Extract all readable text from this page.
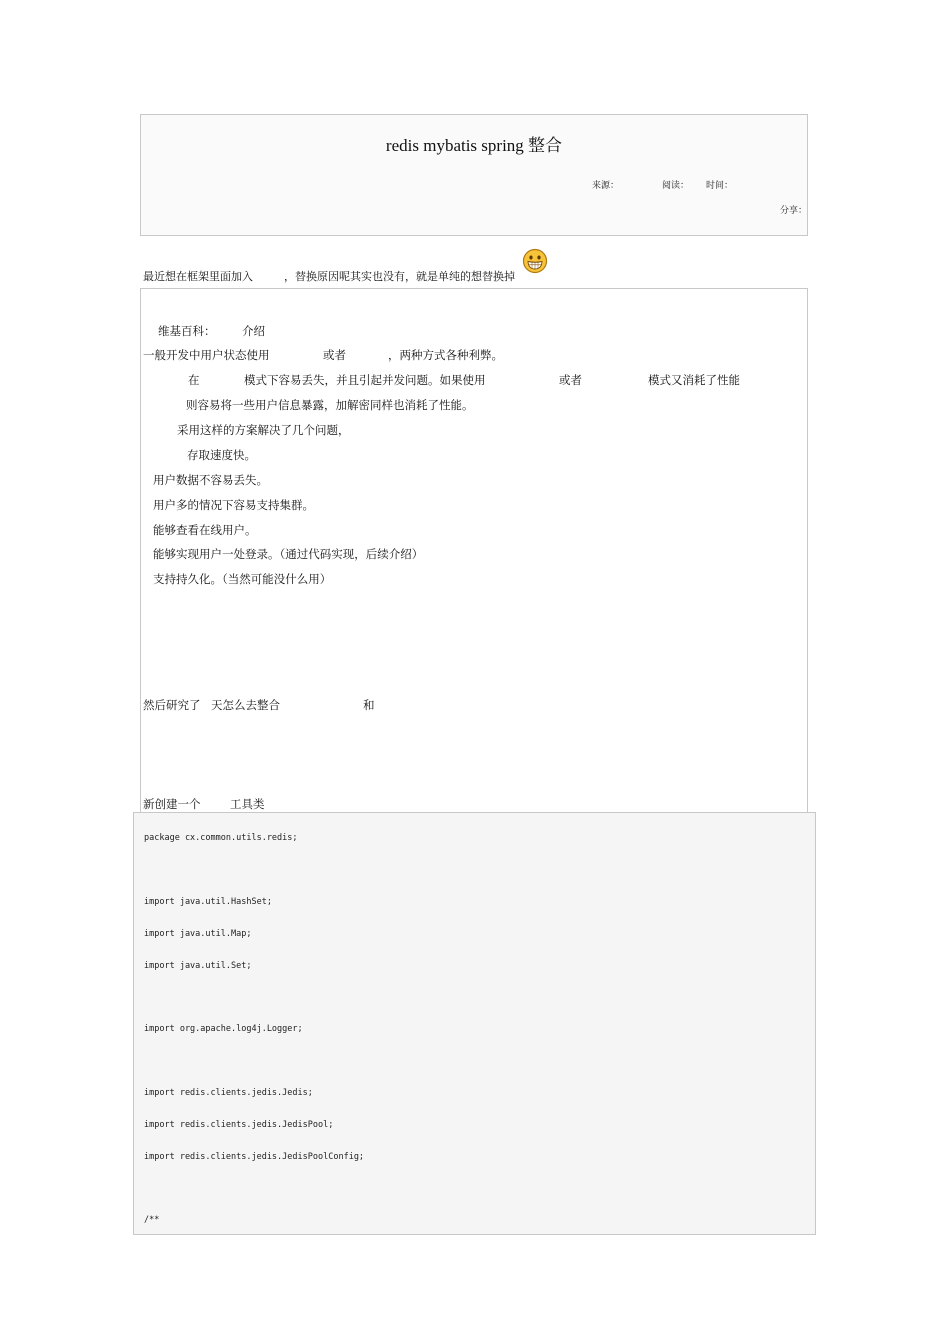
redis mybatis spring 整合
来源：	阅读： 时间：
分享：
最近想在框架里面加入	，替换原因呢其实也没有，就是单纯的想替换掉
维基百科： 介绍
一般开发中用户状态使用	或者	，两种方式各种利弊。
在	模式下容易丢失，并且引起并发问题。如果使用	或者	模式又消耗了性能
则容易将一些用户信息暴露，加解密同样也消耗了性能。
采用这样的方案解决了几个问题，
存取速度快。
用户数据不容易丢失。
用户多的情况下容易支持集群。
能够查看在线用户。
能够实现用户一处登录。（通过代码实现，后续介绍）
支持持久化。（当然可能没什么用）
然后研究了 天怎么去整合	和
新创建一个	工具类
package cx.common.utils.redis;
import java.util.HashSet;
import java.util.Map;
import java.util.Set;
import org.apache.log4j.Logger;
import redis.clients.jedis.Jedis;
import redis.clients.jedis.JedisPool;
import redis.clients.jedis.JedisPoolConfig;
/**
